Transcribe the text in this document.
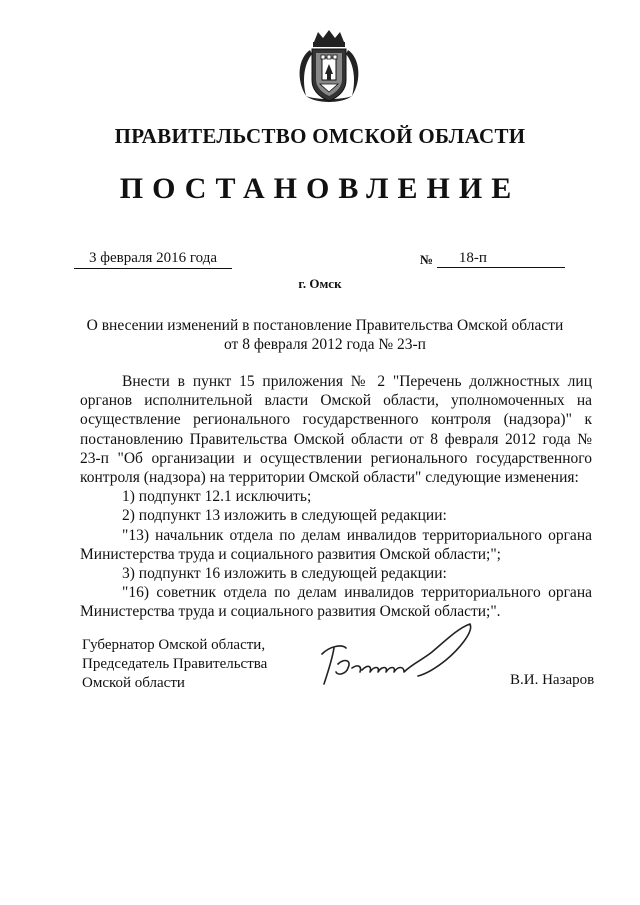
ПРАВИТЕЛЬСТВО ОМСКОЙ ОБЛАСТИ
ПОСТАНОВЛЕНИЕ
3 февраля 2016 года	№ 18-п
г. Омск
О внесении изменений в постановление Правительства Омской области
от 8 февраля 2012 года № 23-п

Внести в пункт 15 приложения № 2 "Перечень должностных лиц органов исполнительной власти Омской области, уполномоченных на осуществление регионального государственного контроля (надзора)" к постановлению Правительства Омской области от 8 февраля 2012 года № 23-п "Об организации и осуществлении регионального государственного контроля (надзора) на территории Омской области" следующие изменения:

1) подпункт 12.1 исключить;

2) подпункт 13 изложить в следующей редакции:

"13) начальник отдела по делам инвалидов территориального органа Министерства труда и социального развития Омской области;";

3) подпункт 16 изложить в следующей редакции:

"16) советник отдела по делам инвалидов территориального органа Министерства труда и социального развития Омской области;".

Губернатор Омской области,
Председатель Правительства
Омской области	В.И. Назаров
